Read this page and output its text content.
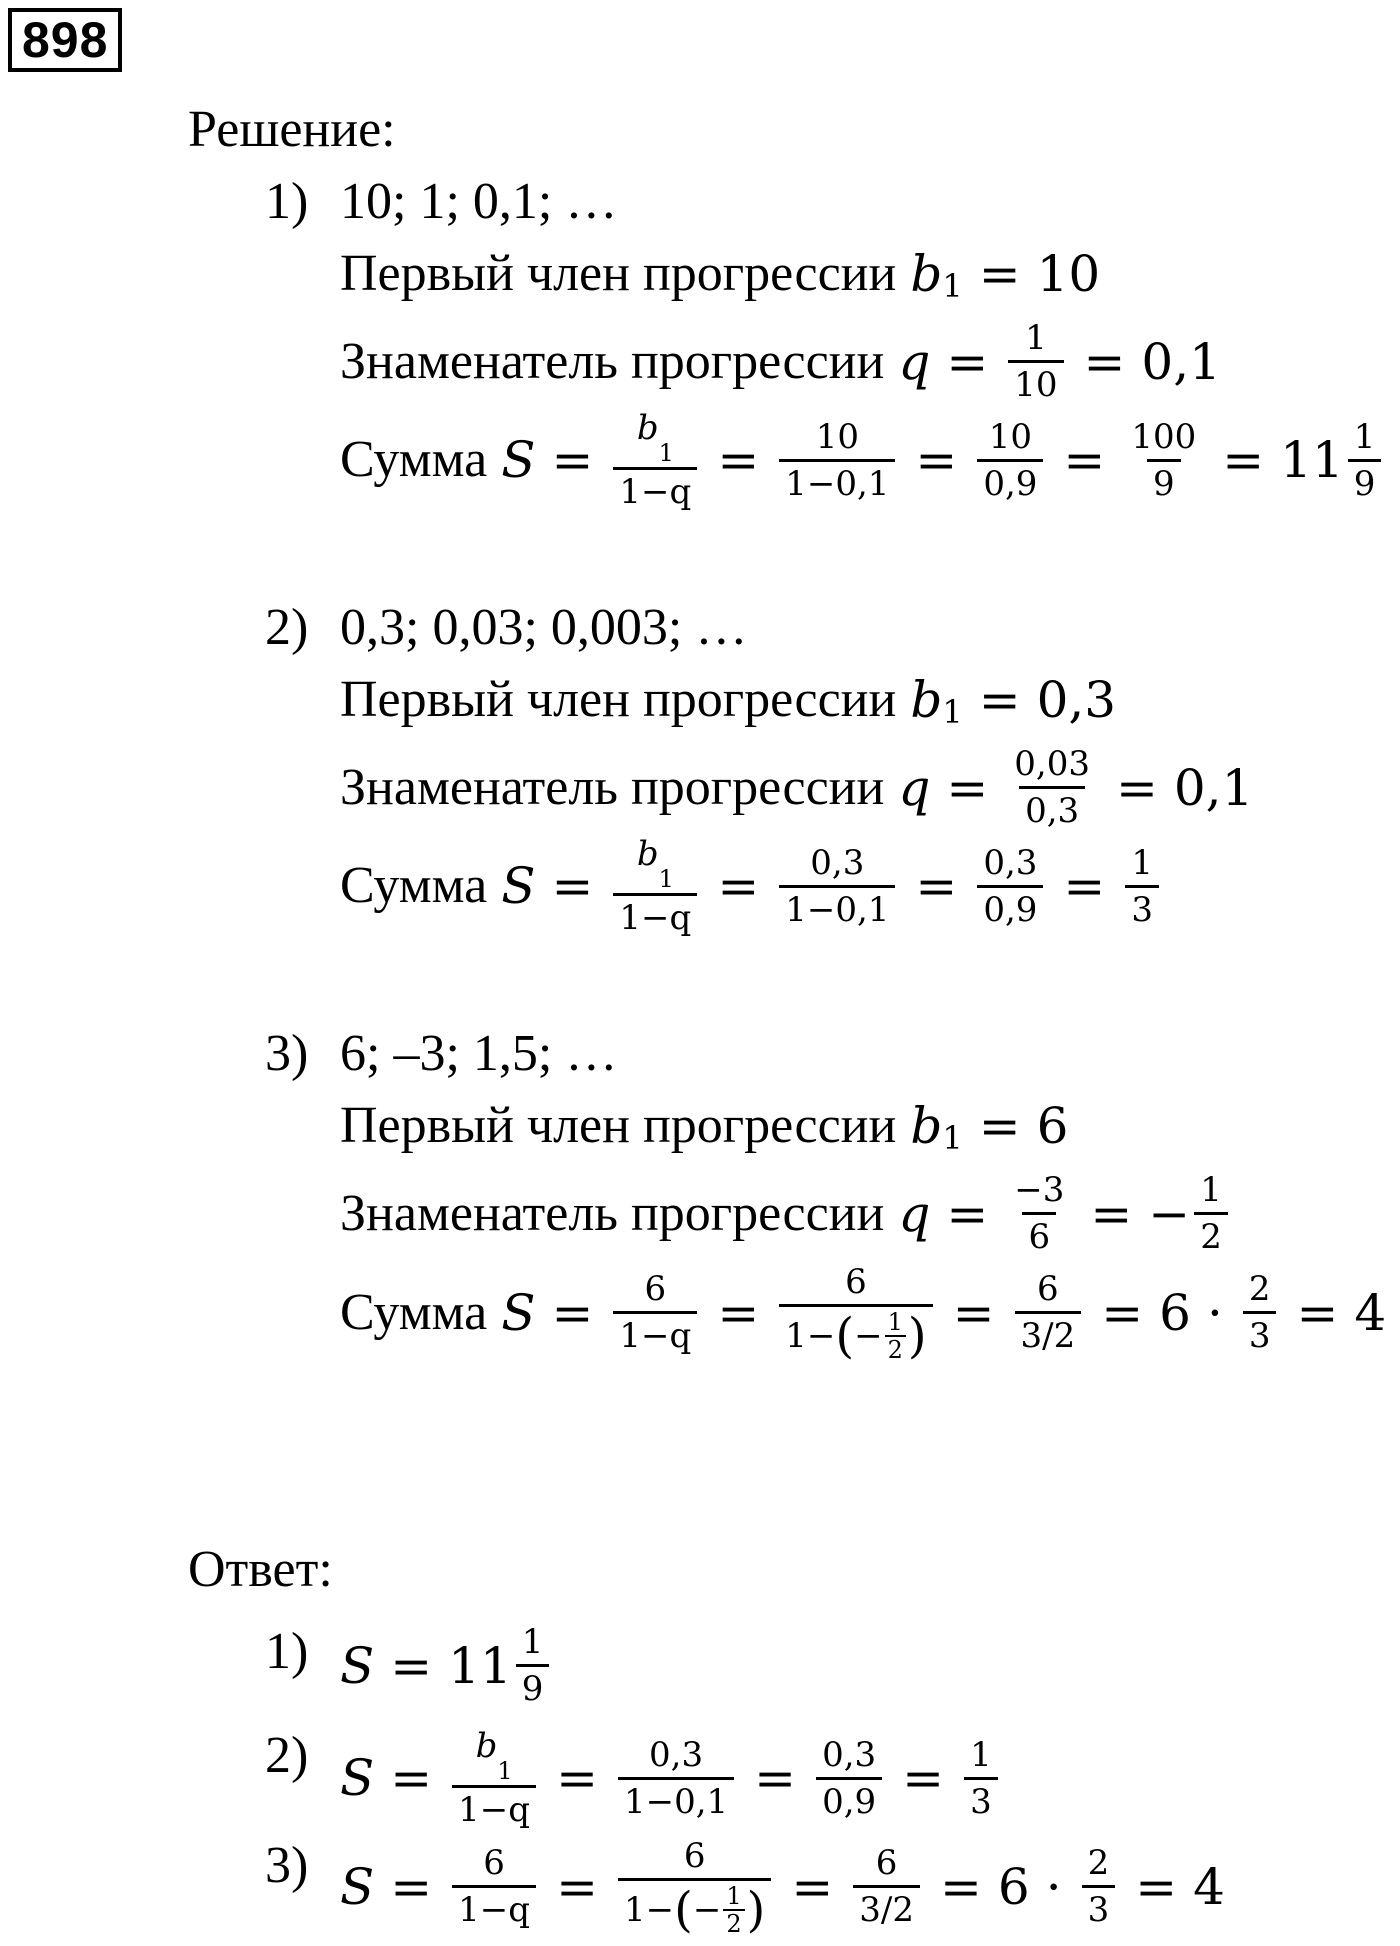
898
Решение:
1) 10; 1; 0,1; …
Первый член прогрессии b 1 = 10
Знаменатель прогрессии $q = \frac{1}{10} = 0,1$
Сумма $S = \frac{b_1}{1-q} = \frac{10}{1-0,1} = \frac{10}{0,9} = \frac{100}{9} = 11 \frac{1}{9}$
2) 0,3; 0,03; 0,003; …
Первый член прогрессии b 1 = 0,3
Знаменатель прогрессии $q = \frac{0,03}{0,3} = 0,1$
Сумма $S = \frac{b_1}{1-q} = \frac{0,3}{1-0,1} = \frac{0,3}{0,9} = \frac{1}{3}$
3) 6; –3; 1,5; …
Первый член прогрессии b 1 = 6
Знаменатель прогрессии $q = \frac{-3}{6}$ = − $\frac{1}{2}$
Сумма $S = \frac{6}{1-q}$ =
6
1− ( − $\frac{1}{2}$ ) = $\frac{6}{3/2} = 6 \cdot \frac{2}{3} = 4$
Ответ:
1) $S = 11 \frac{1}{9}$
2) $S = \frac{b_1}{1-q} = \frac{0,3}{1-0,1} = \frac{0,3}{0,9} = \frac{1}{3}$
3) $S = \frac{6}{1-q}$ =
6
1− ( − $\frac{1}{2}$ ) = $\frac{6}{3/2} = 6 \cdot \frac{2}{3} = 4$
